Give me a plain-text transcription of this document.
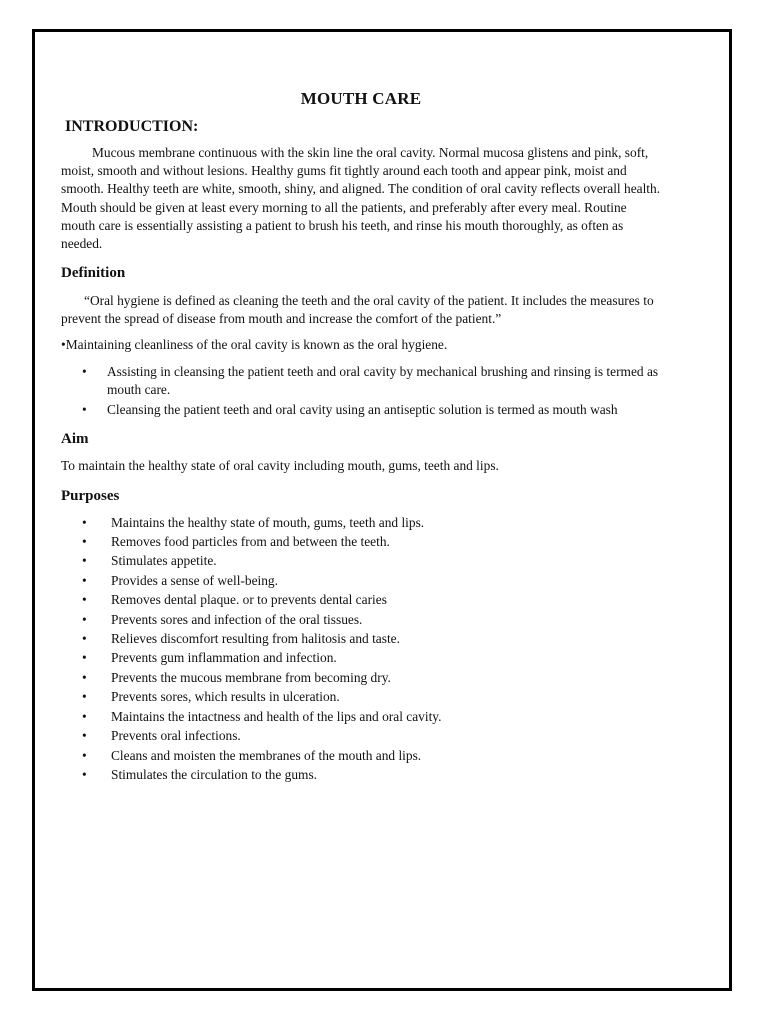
MOUTH CARE
INTRODUCTION:

Mucous membrane continuous with the skin line the oral cavity. Normal mucosa glistens and pink, soft, moist, smooth and without lesions. Healthy gums fit tightly around each tooth and appear pink, moist and smooth. Healthy teeth are white, smooth, shiny, and aligned. The condition of oral cavity reflects overall health. Mouth should be given at least every morning to all the patients, and preferably after every meal. Routine mouth care is essentially assisting a patient to brush his teeth, and rinse his mouth thoroughly, as often as needed.

Definition

“Oral hygiene is defined as cleaning the teeth and the oral cavity of the patient. It includes the measures to prevent the spread of disease from mouth and increase the comfort of the patient.”

•Maintaining cleanliness of the oral cavity is known as the oral hygiene.

• Assisting in cleansing the patient teeth and oral cavity by mechanical brushing and rinsing is termed as mouth care.
• Cleansing the patient teeth and oral cavity using an antiseptic solution is termed as mouth wash
Aim

To maintain the healthy state of oral cavity including mouth, gums, teeth and lips.

Purposes
• Maintains the healthy state of mouth, gums, teeth and lips.
• Removes food particles from and between the teeth.
• Stimulates appetite.
• Provides a sense of well-being.
• Removes dental plaque. or to prevents dental caries
• Prevents sores and infection of the oral tissues.
• Relieves discomfort resulting from halitosis and taste.
• Prevents gum inflammation and infection.
• Prevents the mucous membrane from becoming dry.
• Prevents sores, which results in ulceration.
• Maintains the intactness and health of the lips and oral cavity.
• Prevents oral infections.
• Cleans and moisten the membranes of the mouth and lips.
• Stimulates the circulation to the gums.
